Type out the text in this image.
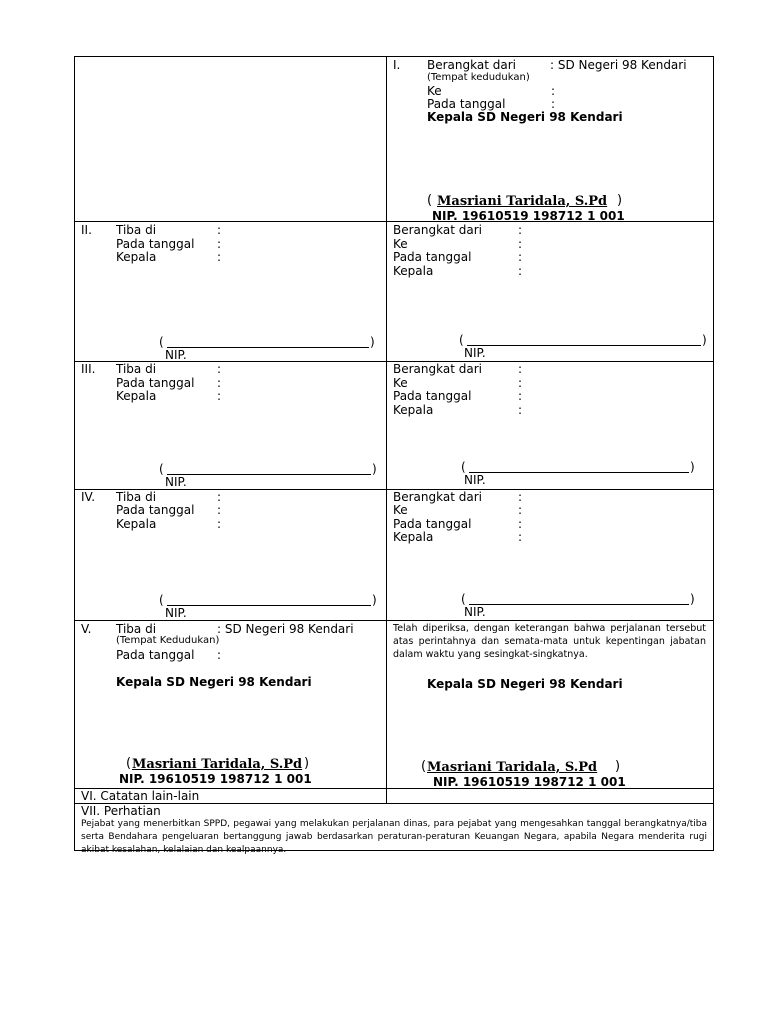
I. Berangkat dari	: SD Negeri 98 Kendari
(Tempat kedudukan)
Ke	:
Pada tanggal	:
Kepala SD Negeri 98 Kendari
( Masriani Taridala, S.Pd )
NIP. 19610519 198712 1 001
II. Tiba di	:
Pada tanggal :
Kepala	:
(	)
NIP.
Berangkat dari	:
Ke	:
Pada tanggal	:
Kepala	:
(	)
NIP.
III. Tiba di	:
Pada tanggal :
Kepala	:
(	)
NIP.
Berangkat dari	:
Ke	:
Pada tanggal	:
Kepala	:
(	)
NIP.
IV. Tiba di	:
Pada tanggal :
Kepala	:
(	)
NIP.
Berangkat dari	:
Ke	:
Pada tanggal	:
Kepala	:
(	)
NIP.
V. Tiba di	: SD Negeri 98 Kendari
(Tempat Kedudukan)
Pada tanggal :
Kepala SD Negeri 98 Kendari
( Masriani Taridala, S.Pd )
NIP. 19610519 198712 1 001
Telah diperiksa, dengan keterangan bahwa perjalanan tersebut atas perintahnya dan semata-mata untuk kepentingan jabatan dalam waktu yang sesingkat-singkatnya.
Kepala SD Negeri 98 Kendari
( Masriani Taridala, S.Pd )
NIP. 19610519 198712 1 001
VI. Catatan lain-lain
VII. Perhatian
Pejabat yang menerbitkan SPPD, pegawai yang melakukan perjalanan dinas, para pejabat yang mengesahkan tanggal berangkatnya/tiba serta Bendahara pengeluaran bertanggung jawab berdasarkan peraturan-peraturan Keuangan Negara, apabila Negara menderita rugi akibat kesalahan, kelalaian dan kealpaannya.
